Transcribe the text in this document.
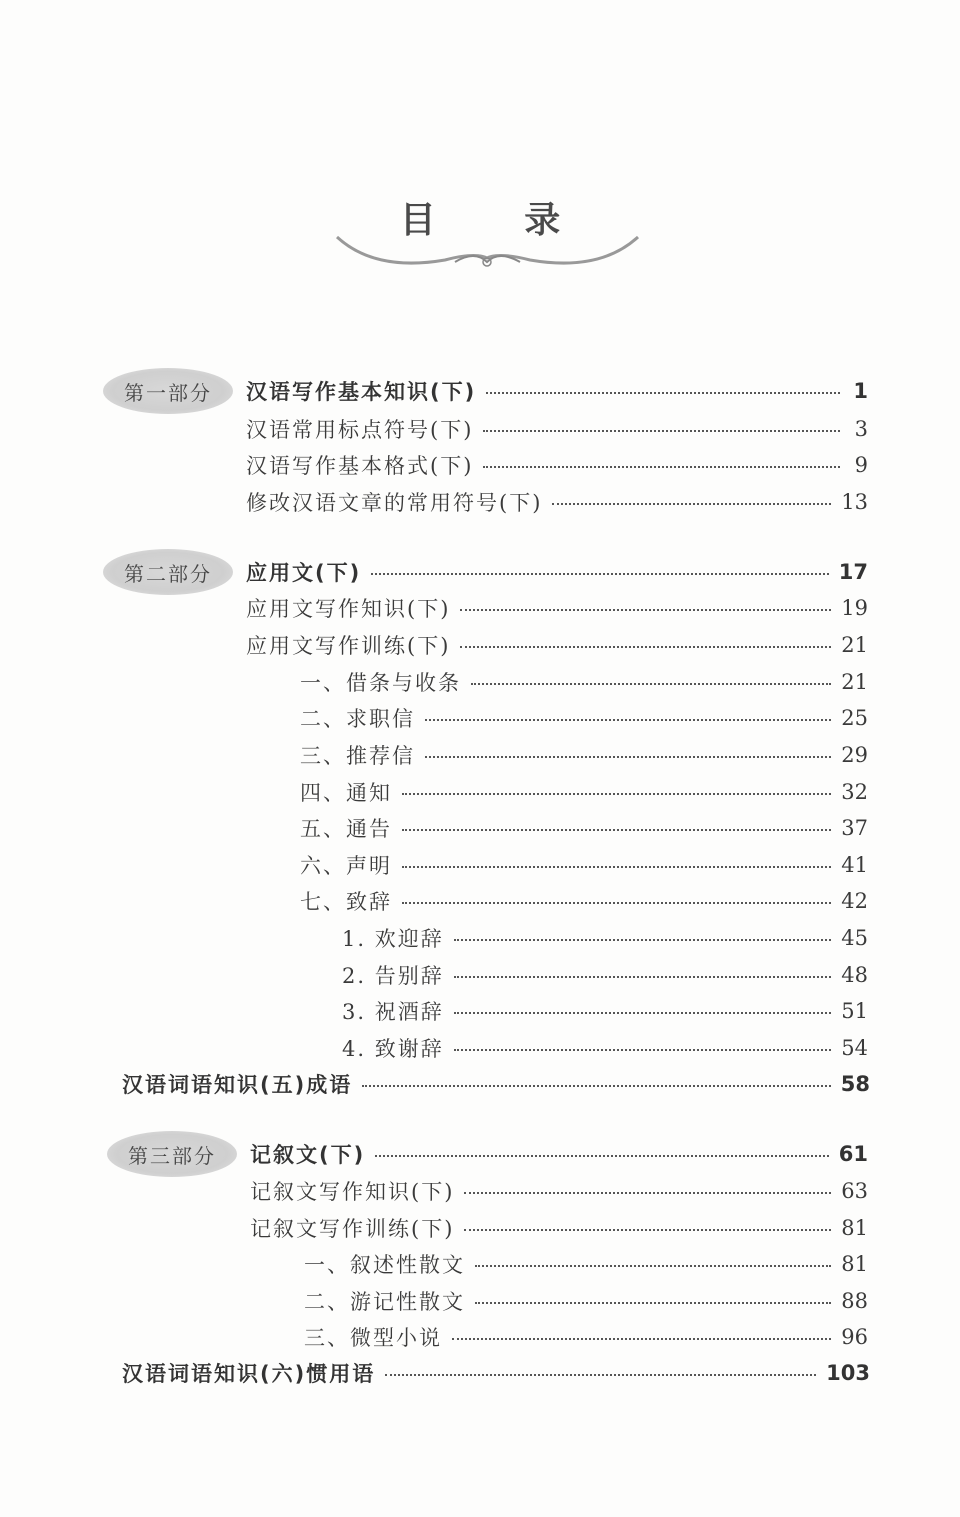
目 录
第一部分
第二部分
第三部分
汉语写作基本知识(下)	1
汉语常用标点符号(下)	3
汉语写作基本格式(下)	9
修改汉语文章的常用符号(下)	13
应用文(下)	17
应用文写作知识(下)	19
应用文写作训练(下)	21
一、借条与收条	21
二、求职信	25
三、推荐信	29
四、通知	32
五、通告	37
六、声明	41
七、致辞	42
1. 欢迎辞	45
2. 告别辞	48
3. 祝酒辞	51
4. 致谢辞	54
汉语词语知识(五)成语	58
记叙文(下)	61
记叙文写作知识(下)	63
记叙文写作训练(下)	81
一、叙述性散文	81
二、游记性散文	88
三、微型小说	96
汉语词语知识(六)惯用语	103
